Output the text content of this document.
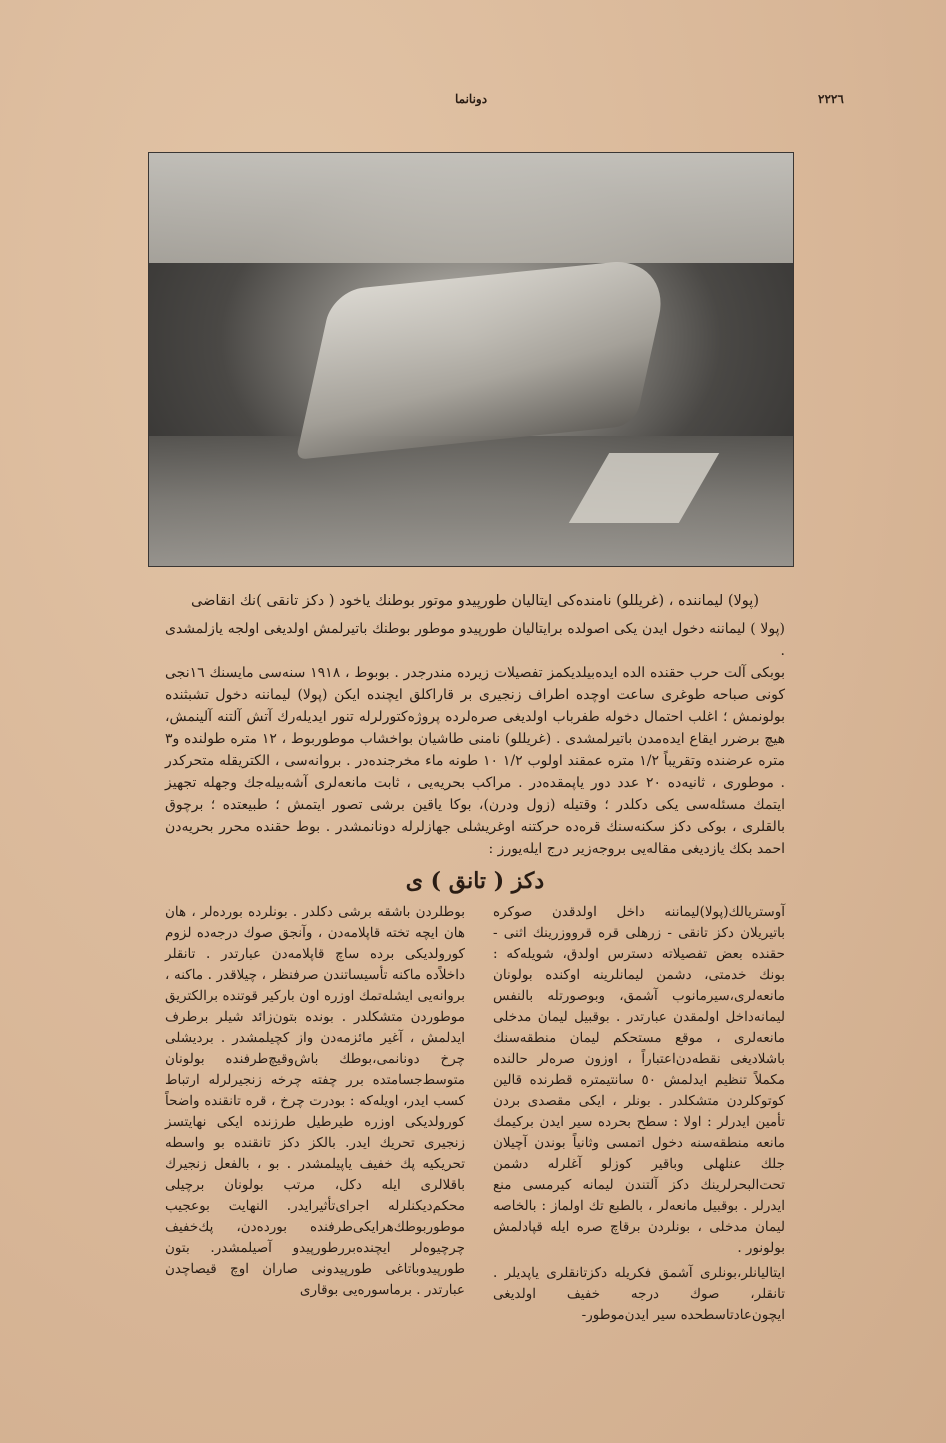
دونانما	٢٢٢٦
(پولا) لیماننده ، (غریللو) نامنده‌کی ایتالیان طورپیدو موتور بوطنك یاخود ( دکز تانقی )نك انقاضی

(پولا ) لیماننه دخول ایدن یکی اصولده برایتالیان طورپیدو موطور بوطنك باتیرلمش اولدیغی اولجه یازلمشدی .

بوبکی آلت حرب حقنده الده ایده‌بیلدیکمز تفصیلات زیرده مندرجدر . بوبوط ، ١٩١٨ سنه‌سی مایسنك ١٦نجی کونی صباحه طوغری ساعت اوچده اطراف زنجیری بر قاراکلق ایچنده ایکن (پولا) لیماننه دخول تشبثنده بولونمش ؛ اغلب احتمال دخوله طفرباب اولدیغی صره‌لرده پروژه‌کتورلرله تنور ایدیله‌رك آتش آلتنه آلینمش، هیچ برضرر ایقاع ایده‌مدن باتیرلمشدی . (غریللو) نامنی طاشیان بواخشاب موطوربوط ، ١٢ متره طولنده و٣ متره عرضنده وتقریباً ١/٢ متره عمقند اولوب ١/٢ ١٠ طونه ماء مخرجنده‌در . بروانه‌سی ، الکتریقله متحرکدر . موطوری ، ثانیه‌ده ٢٠ عدد دور یاپمقده‌در . مراکب بحریه‌یی ، ثابت مانعه‌لری آشه‌بیله‌جك وجهله تجهیز ایتمك مسئله‌سی یکی دکلدر ؛ وقتیله (زول ودرن)، بوکا یاقین برشی تصور ایتمش ؛ طبیعتده ؛ برچوق بالقلری ، بوکی دکز سکنه‌سنك قره‌ده حرکتنه اوغریشلی جهازلرله دونانمشدر . بوط حقنده محرر بحریه‌دن احمد بکك یازدیغی مقاله‌یی بروجه‌زیر درج ایله‌یورز :

دکز ( تانق ) ی

آوستریالك(پولا)لیماننه داخل اولدقدن صوکره باتیریلان دکز تانقی - زرهلی قره قرووزرینك اثنی - حقنده بعض تفصیلاته دسترس اولدق، شویله‌که : بونك خدمتی، دشمن لیمانلرینه اوکنده بولونان مانعه‌لری،سیرمانوب آشمق، وبوصورتله بالنفس لیمانه‌داخل اولمقدن عبارتدر . بوقبیل لیمان مدخلی مانعه‌لری ، موقع مستحکم لیمان منطقه‌سنك باشلادیغی نقطه‌دن‌اعتباراً ، اوزون صرەلر حالنده مکملاً تنظیم ایدلمش ٥٠ سانتیمتره قطرنده قالین کوتوکلردن متشکلدر . بونلر ، ایکی مقصدی بردن تأمین ایدرلر : اولا : سطح بحرده سیر ایدن برکیمك مانعه منطقه‌سنه دخول اتمسی وثانیاً بوندن آچیلان جلك عنلهلی وباقیر کوزلو آغلرله دشمن تحت‌البحرلرینك دکز آلتندن لیمانه کیرمسی منع ایدرلر . بوقبیل مانعه‌لر ، بالطبع تك اولماز : بالخاصه لیمان مدخلی ، بونلردن برقاچ صره ایله قپادلمش بولونور .

ایتالیانلر،بونلری آشمق فکریله دکزتانقلری یاپدیلر . تانقلر، صوك درجه خفیف اولدیغی ایچون‌عادتاسطحده سیر ایدن‌موطور-

بوطلردن باشقه برشی دکلدر . بونلرده بورده‌لر ، هان هان ایچه تخته قاپلامه‌دن ، وآنجق صوك درجه‌ده لزوم کورولدیکی برده ساچ قاپلامه‌دن عبارتدر . تانقلر داخلاً‌ده ماکنه تأسیساتندن صرفنظر ، چیلاقدر . ماکنه ، بروانه‌یی ایشله‌تمك اوزره اون بارکیر قوتنده برالکتریق موطوردن متشکلدر . بونده بتون‌زائد شیلر برطرف ایدلمش ، آغیر مائزمه‌دن واز کچیلمشدر . بردیشلی چرخ دونانمی،بوطك باش‌وقیچ‌طرفنده بولونان متوسط‌جسامتده برر چفته چرخه زنجیرلرله ارتباط کسب ایدر، اویله‌که : بودرت چرخ ، قره تانقنده واضحاً کورولدیکی اوزره طیرطیل طرزنده ایکی نهایتسز زنجیری تحریك ایدر. بالکز دکز تانقنده بو واسطه تحریکیه پك خفیف یاپیلمشدر . بو ، بالفعل زنجیرك باقلالری ایله دکل، مرتب بولونان برچیلی محکم‌دیکنلرله اجرای‌تأثیرایدر. النهایت بوعجیب موطوربوطك‌هرایکی‌طرفنده بورده‌دن، پك‌خفیف چرچیوه‌لر ایچنده‌بررطورپیدو آصیلمشدر. بتون طورپیدوباتاغی طورپیدونی صاران اوچ قیصاچدن عبارتدر . برماسوره‌یی بوقاری
